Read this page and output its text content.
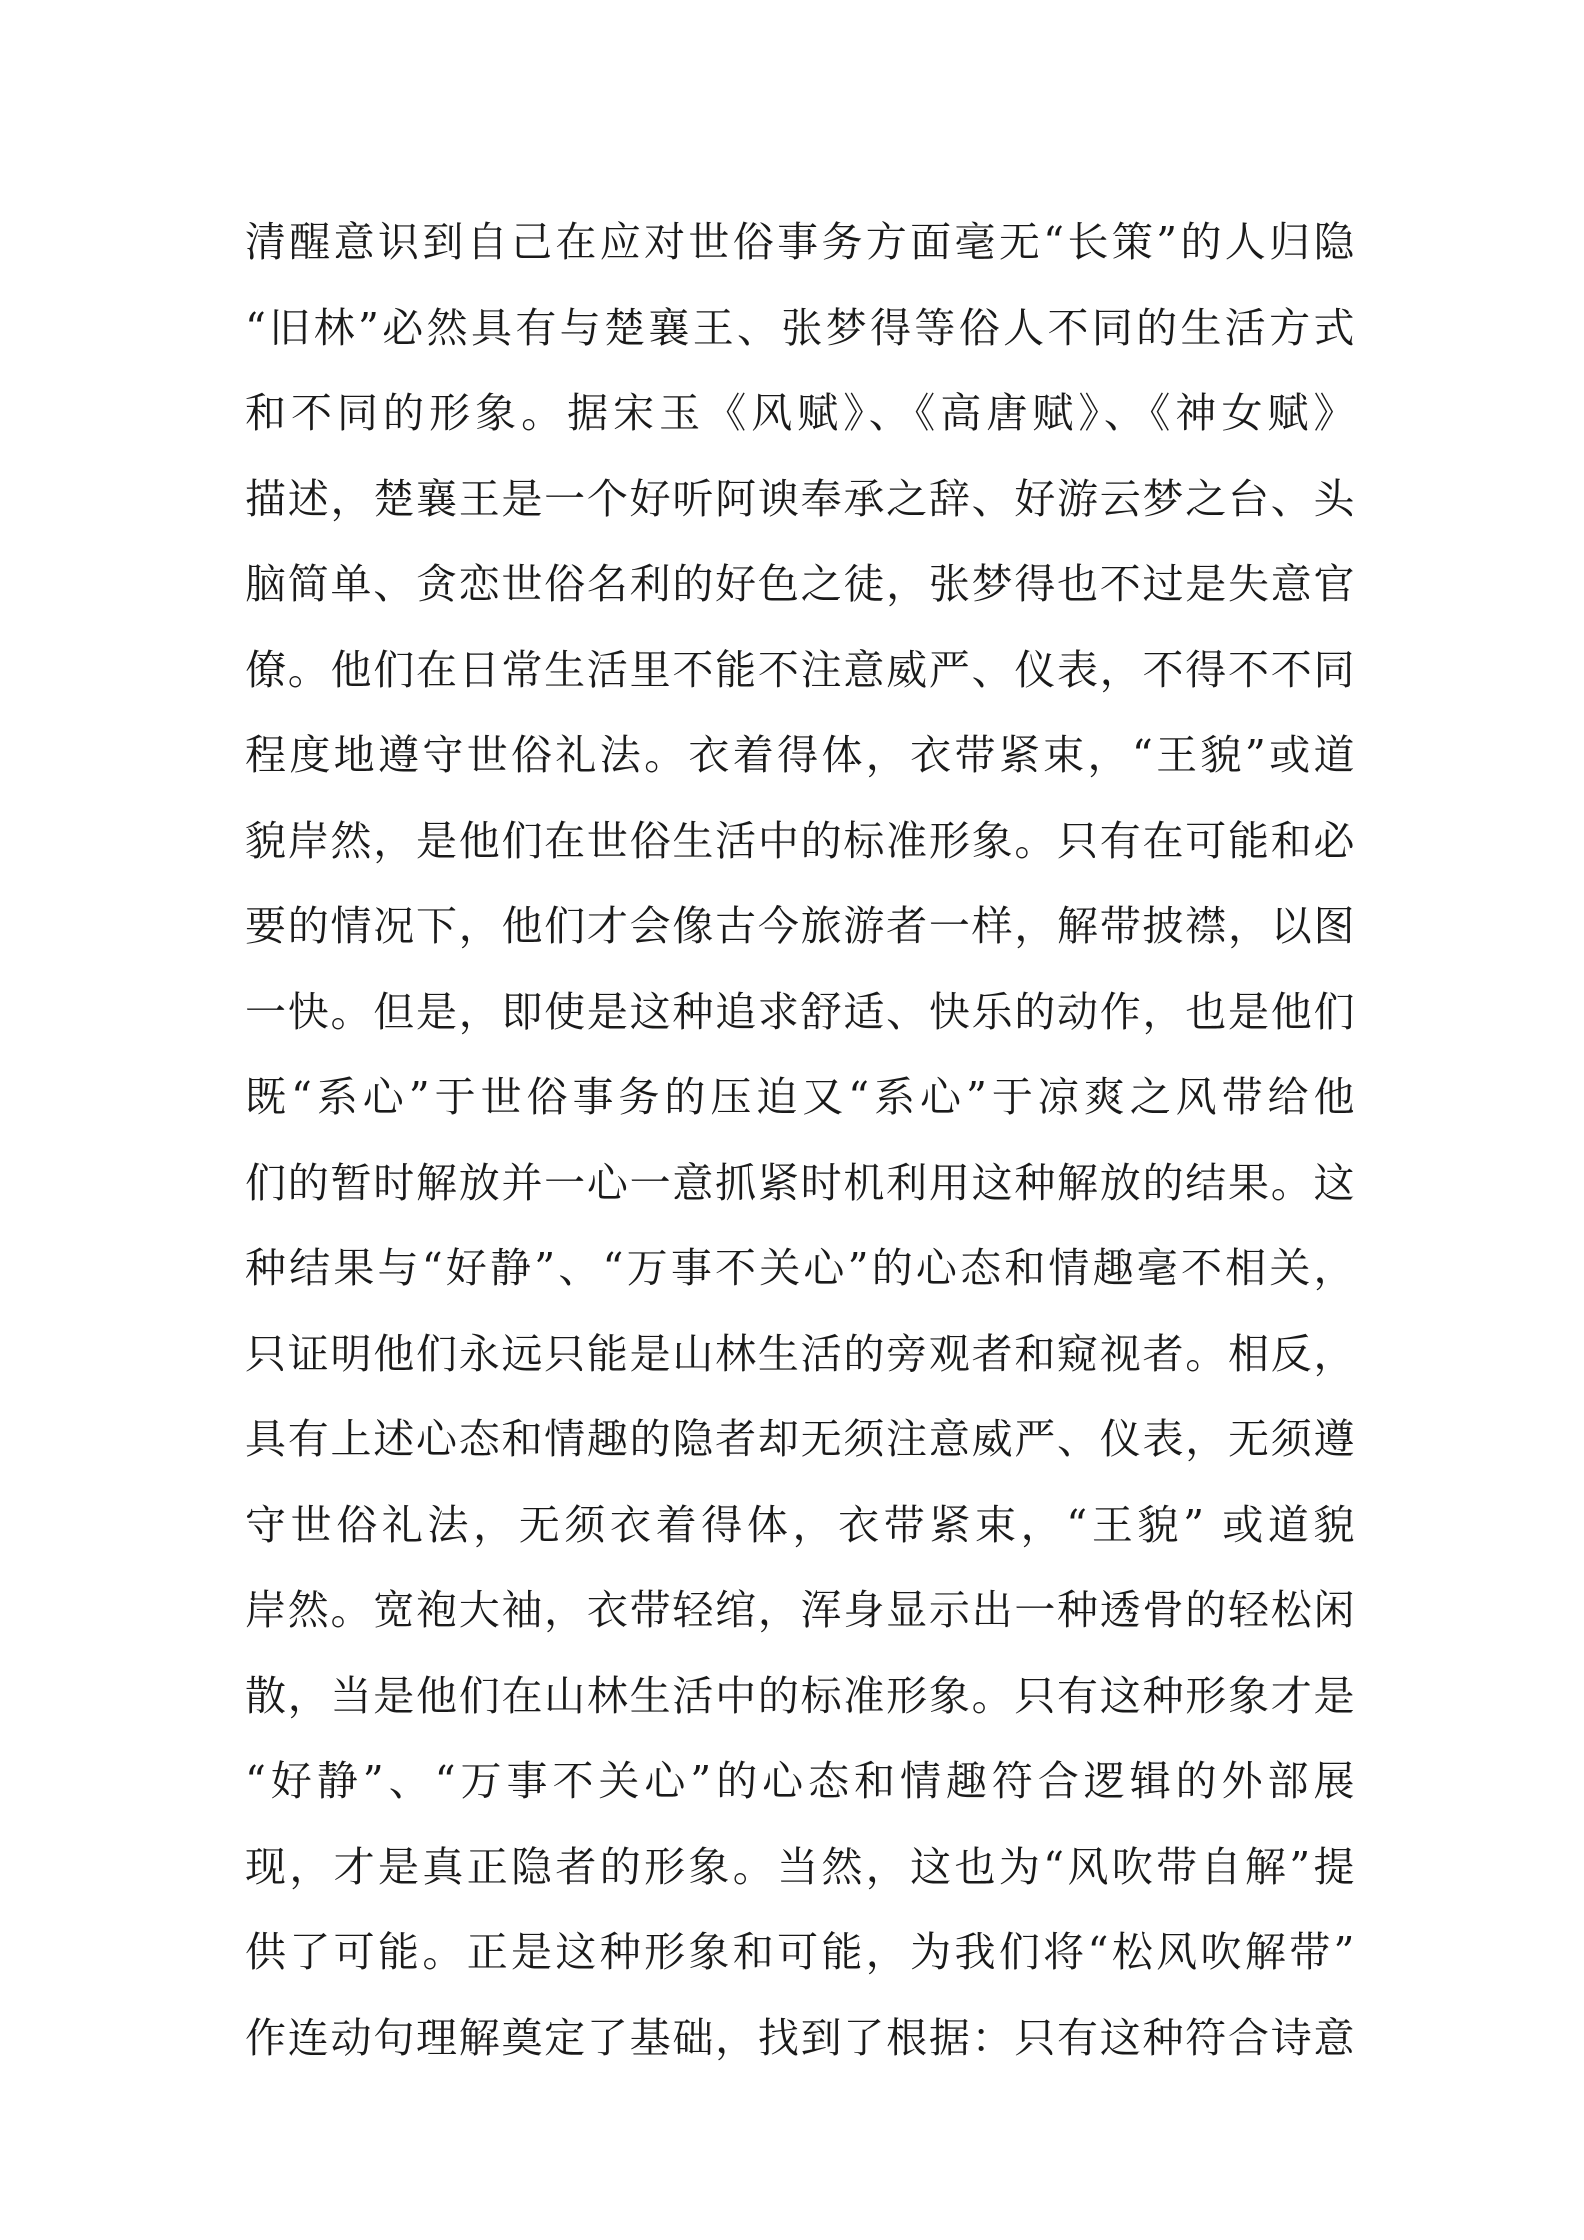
清醒意识到自己在应对世俗事务方面毫无“长策”的人归隐
“旧林”必然具有与楚襄王、张梦得等俗人不同的生活方式
和不同的形象。据宋玉《风赋》、《高唐赋》、《神女赋》
描述，楚襄王是一个好听阿谀奉承之辞、好游云梦之台、头
脑简单、贪恋世俗名利的好色之徒，张梦得也不过是失意官
僚。他们在日常生活里不能不注意威严、仪表，不得不不同
程度地遵守世俗礼法。衣着得体，衣带紧束，“王貌”或道
貌岸然，是他们在世俗生活中的标准形象。只有在可能和必
要的情况下，他们才会像古今旅游者一样，解带披襟，以图
一快。但是，即使是这种追求舒适、快乐的动作，也是他们
既“系心”于世俗事务的压迫又“系心”于凉爽之风带给他
们的暂时解放并一心一意抓紧时机利用这种解放的结果。这
种结果与“好静”、“万事不关心”的心态和情趣毫不相关，
只证明他们永远只能是山林生活的旁观者和窥视者。相反，
具有上述心态和情趣的隐者却无须注意威严、仪表，无须遵
守世俗礼法，无须衣着得体，衣带紧束，“王貌” 或道貌
岸然。宽袍大袖，衣带轻绾，浑身显示出一种透骨的轻松闲
散，当是他们在山林生活中的标准形象。只有这种形象才是
“好静”、“万事不关心”的心态和情趣符合逻辑的外部展
现，才是真正隐者的形象。当然，这也为“风吹带自解”提
供了可能。正是这种形象和可能，为我们将“松风吹解带”
作连动句理解奠定了基础，找到了根据：只有这种符合诗意
